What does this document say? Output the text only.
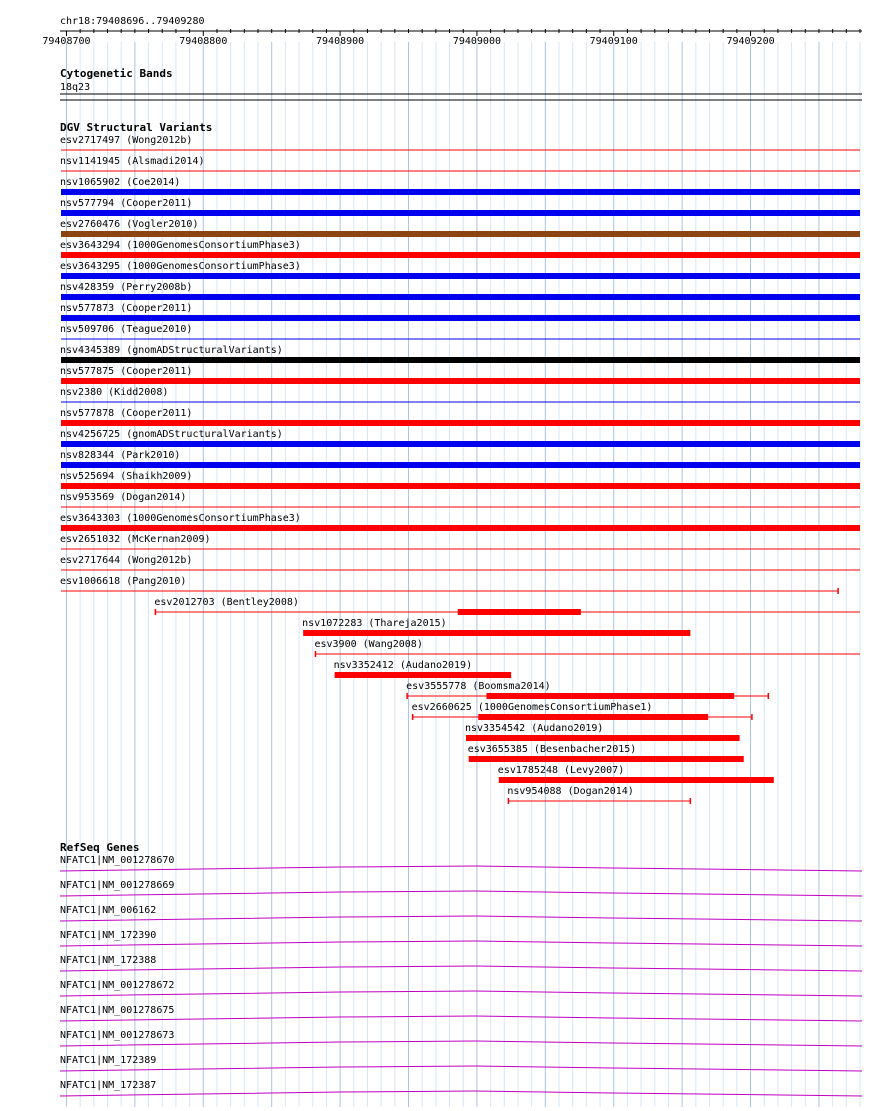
chr18:79408696..79409280
79408700	79408800	79408900	79409000	79409100	79409200
Cytogenetic Bands
18q23
DGV Structural Variants
esv2717497 (Wong2012b)
nsv1141945 (Alsmadi2014)
nsv1065902 (Coe2014)
nsv577794 (Cooper2011)
esv2760476 (Vogler2010)
esv3643294 (1000GenomesConsortiumPhase3)
esv3643295 (1000GenomesConsortiumPhase3)
nsv428359 (Perry2008b)
nsv577873 (Cooper2011)
nsv509706 (Teague2010)
nsv4345389 (gnomADStructuralVariants)
nsv577875 (Cooper2011)
nsv2380 (Kidd2008)
nsv577878 (Cooper2011)
nsv4256725 (gnomADStructuralVariants)
nsv828344 (Park2010)
nsv525694 (Shaikh2009)
nsv953569 (Dogan2014)
esv3643303 (1000GenomesConsortiumPhase3)
esv2651032 (McKernan2009)
esv2717644 (Wong2012b)
esv1006618 (Pang2010)
esv2012703 (Bentley2008)
nsv1072283 (Thareja2015)
esv3900 (Wang2008)
nsv3352412 (Audano2019)
esv3555778 (Boomsma2014)
esv2660625 (1000GenomesConsortiumPhase1)
nsv3354542 (Audano2019)
esv3655385 (Besenbacher2015)
esv1785248 (Levy2007)
nsv954088 (Dogan2014)
RefSeq Genes
NFATC1|NM_001278670
NFATC1|NM_001278669
NFATC1|NM_006162
NFATC1|NM_172390
NFATC1|NM_172388
NFATC1|NM_001278672
NFATC1|NM_001278675
NFATC1|NM_001278673
NFATC1|NM_172389
NFATC1|NM_172387
